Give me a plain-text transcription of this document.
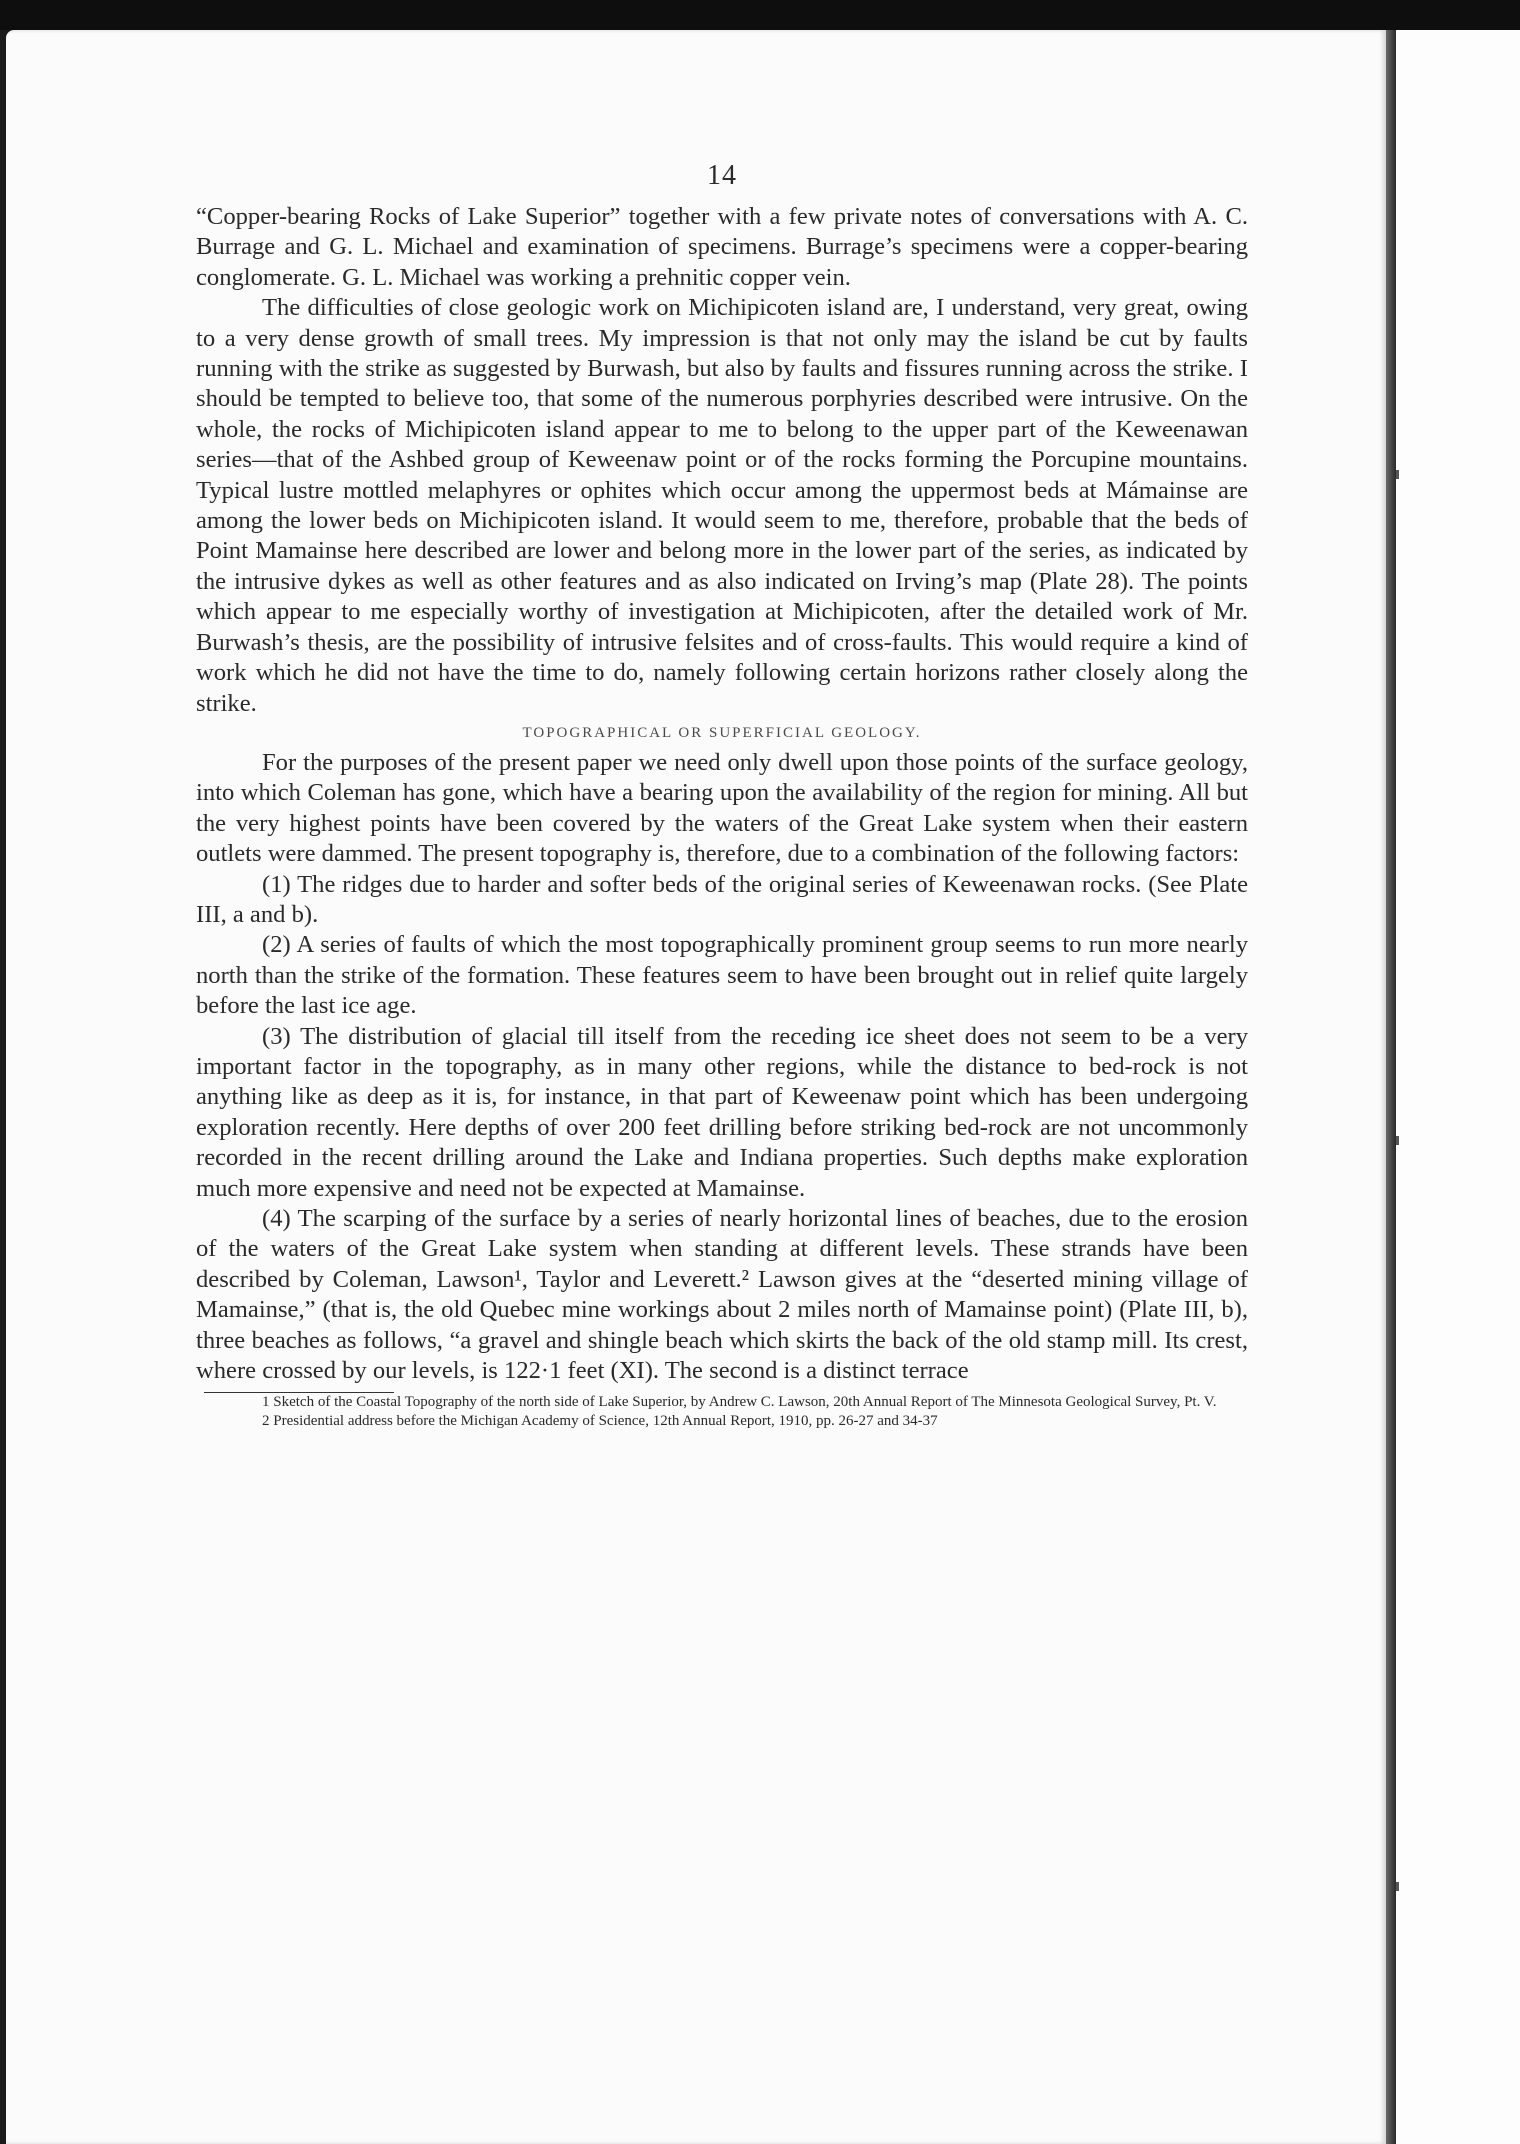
14

“Copper-bearing Rocks of Lake Superior” together with a few private notes of conversations with A. C. Burrage and G. L. Michael and examination of specimens. Burrage’s specimens were a copper-bearing conglomerate. G. L. Michael was working a prehnitic copper vein.

The difficulties of close geologic work on Michipicoten island are, I understand, very great, owing to a very dense growth of small trees. My impression is that not only may the island be cut by faults running with the strike as suggested by Burwash, but also by faults and fissures running across the strike. I should be tempted to believe too, that some of the numerous porphyries described were intrusive. On the whole, the rocks of Michipicoten island appear to me to belong to the upper part of the Keweenawan series—that of the Ashbed group of Keweenaw point or of the rocks forming the Porcupine mountains. Typical lustre mottled melaphyres or ophites which occur among the uppermost beds at Mámainse are among the lower beds on Michipicoten island. It would seem to me, therefore, probable that the beds of Point Mamainse here described are lower and belong more in the lower part of the series, as indicated by the intrusive dykes as well as other features and as also indicated on Irving’s map (Plate 28). The points which appear to me especially worthy of investigation at Michipicoten, after the detailed work of Mr. Burwash’s thesis, are the possibility of intrusive felsites and of cross-faults. This would require a kind of work which he did not have the time to do, namely following certain horizons rather closely along the strike.

TOPOGRAPHICAL OR SUPERFICIAL GEOLOGY.

For the purposes of the present paper we need only dwell upon those points of the surface geology, into which Coleman has gone, which have a bearing upon the availability of the region for mining. All but the very highest points have been covered by the waters of the Great Lake system when their eastern outlets were dammed. The present topography is, therefore, due to a combination of the following factors:

(1) The ridges due to harder and softer beds of the original series of Keweenawan rocks. (See Plate III, a and b).

(2) A series of faults of which the most topographically prominent group seems to run more nearly north than the strike of the formation. These features seem to have been brought out in relief quite largely before the last ice age.

(3) The distribution of glacial till itself from the receding ice sheet does not seem to be a very important factor in the topography, as in many other regions, while the distance to bed-rock is not anything like as deep as it is, for instance, in that part of Keweenaw point which has been undergoing exploration recently. Here depths of over 200 feet drilling before striking bed-rock are not uncommonly recorded in the recent drilling around the Lake and Indiana properties. Such depths make exploration much more expensive and need not be expected at Mamainse.

(4) The scarping of the surface by a series of nearly horizontal lines of beaches, due to the erosion of the waters of the Great Lake system when standing at different levels. These strands have been described by Coleman, Lawson¹, Taylor and Leverett.² Lawson gives at the “deserted mining village of Mamainse,” (that is, the old Quebec mine workings about 2 miles north of Mamainse point) (Plate III, b), three beaches as follows, “a gravel and shingle beach which skirts the back of the old stamp mill. Its crest, where crossed by our levels, is 122·1 feet (XI). The second is a distinct terrace

1 Sketch of the Coastal Topography of the north side of Lake Superior, by Andrew C. Lawson, 20th Annual Report of The Minnesota Geological Survey, Pt. V.
2 Presidential address before the Michigan Academy of Science, 12th Annual Report, 1910, pp. 26-27 and 34-37
